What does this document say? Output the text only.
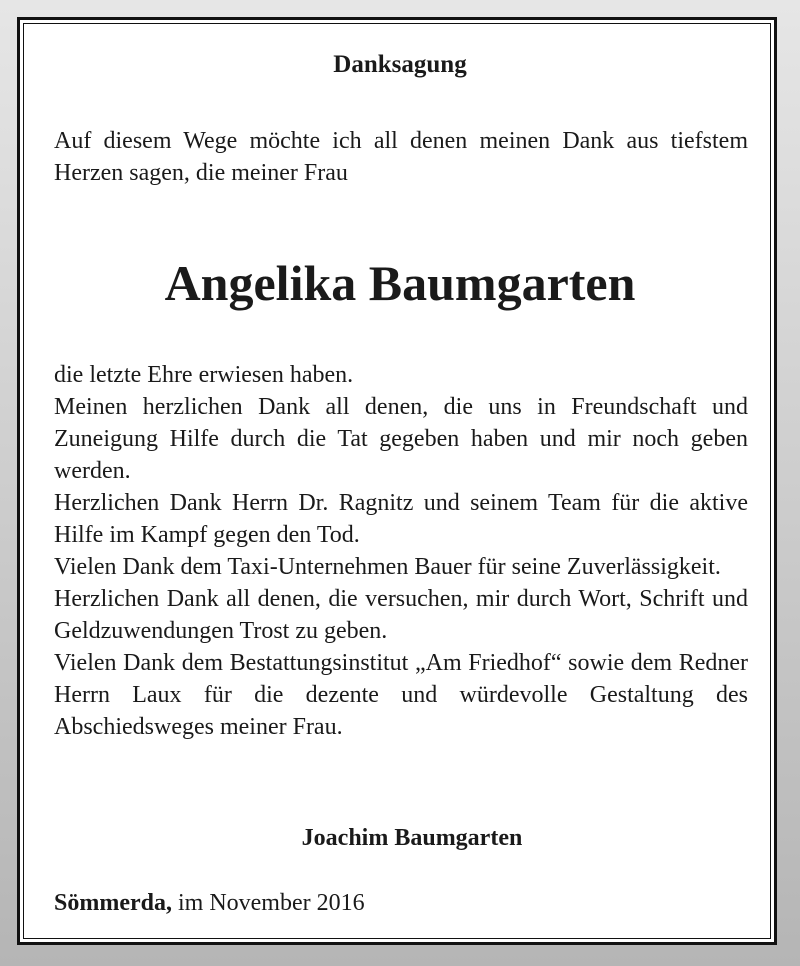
Danksagung
Auf diesem Wege möchte ich all denen meinen Dank aus tiefstem Herzen sagen, die meiner Frau
Angelika Baumgarten

die letzte Ehre erwiesen haben.

Meinen herzlichen Dank all denen, die uns in Freundschaft und Zuneigung Hilfe durch die Tat gegeben haben und mir noch geben werden.

Herzlichen Dank Herrn Dr. Ragnitz und seinem Team für die aktive Hilfe im Kampf gegen den Tod.

Vielen Dank dem Taxi-Unternehmen Bauer für seine Zuverlässigkeit.

Herzlichen Dank all denen, die versuchen, mir durch Wort, Schrift und Geldzuwendungen Trost zu geben.

Vielen Dank dem Bestattungsinstitut „Am Friedhof“ sowie dem Redner Herrn Laux für die dezente und würdevolle Gestaltung des Abschiedsweges meiner Frau.

Joachim Baumgarten
Sömmerda, im November 2016
